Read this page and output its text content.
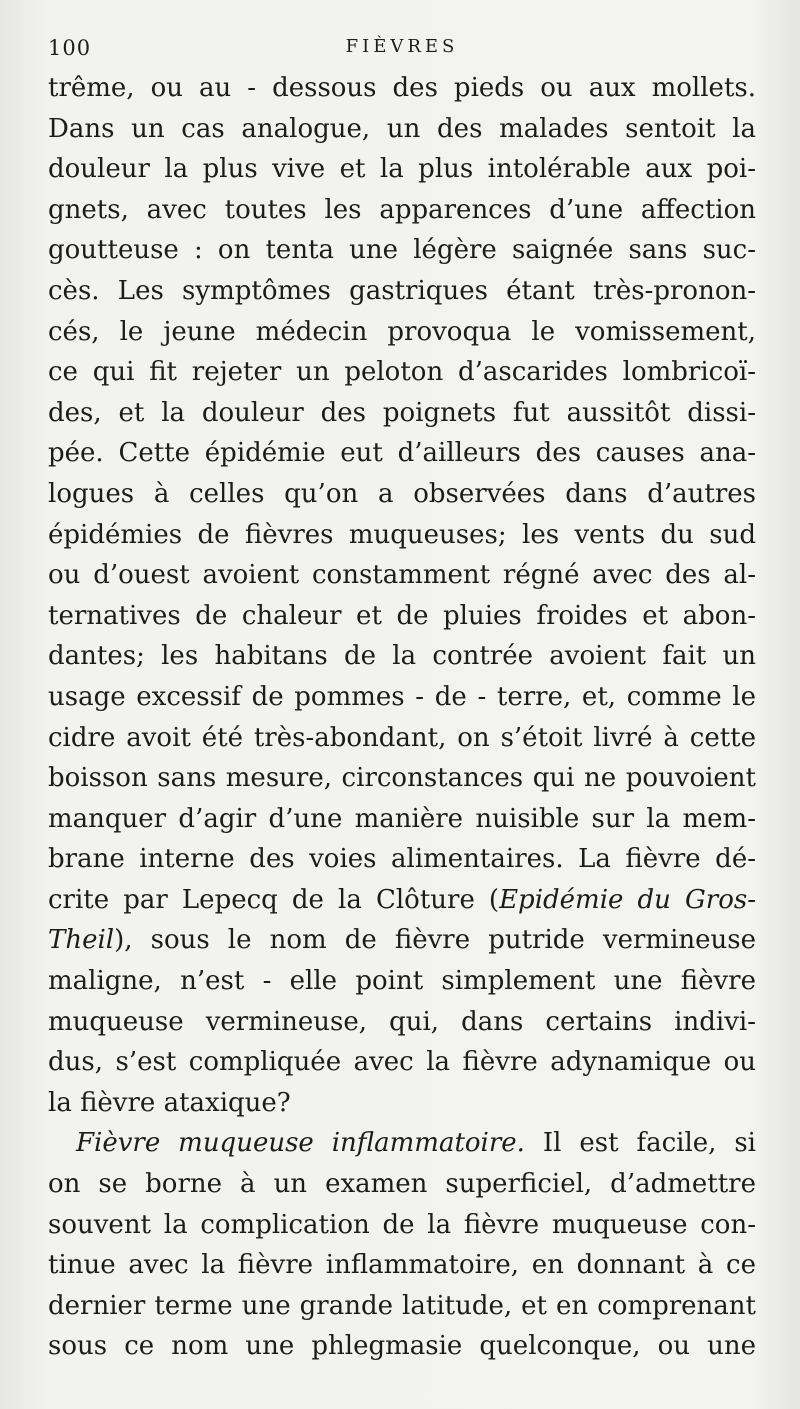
100	FIÈVRES
trême, ou au - dessous des pieds ou aux mollets.
Dans un cas analogue, un des malades sentoit la
douleur la plus vive et la plus intolérable aux poi-
gnets, avec toutes les apparences d’une affection
goutteuse : on tenta une légère saignée sans suc-
cès. Les symptômes gastriques étant très-pronon-
cés, le jeune médecin provoqua le vomissement,
ce qui fit rejeter un peloton d’ascarides lombricoï-
des, et la douleur des poignets fut aussitôt dissi-
pée. Cette épidémie eut d’ailleurs des causes ana-
logues à celles qu’on a observées dans d’autres
épidémies de fièvres muqueuses; les vents du sud
ou d’ouest avoient constamment régné avec des al-
ternatives de chaleur et de pluies froides et abon-
dantes; les habitans de la contrée avoient fait un
usage excessif de pommes - de - terre, et, comme le
cidre avoit été très-abondant, on s’étoit livré à cette
boisson sans mesure, circonstances qui ne pouvoient
manquer d’agir d’une manière nuisible sur la mem-
brane interne des voies alimentaires. La fièvre dé-
crite par Lepecq de la Clôture (Epidémie du Gros-
Theil), sous le nom de fièvre putride vermineuse
maligne, n’est - elle point simplement une fièvre
muqueuse vermineuse, qui, dans certains indivi-
dus, s’est compliquée avec la fièvre adynamique ou
la fièvre ataxique?
Fièvre muqueuse inflammatoire. Il est facile, si
on se borne à un examen superficiel, d’admettre
souvent la complication de la fièvre muqueuse con-
tinue avec la fièvre inflammatoire, en donnant à ce
dernier terme une grande latitude, et en comprenant
sous ce nom une phlegmasie quelconque, ou une
